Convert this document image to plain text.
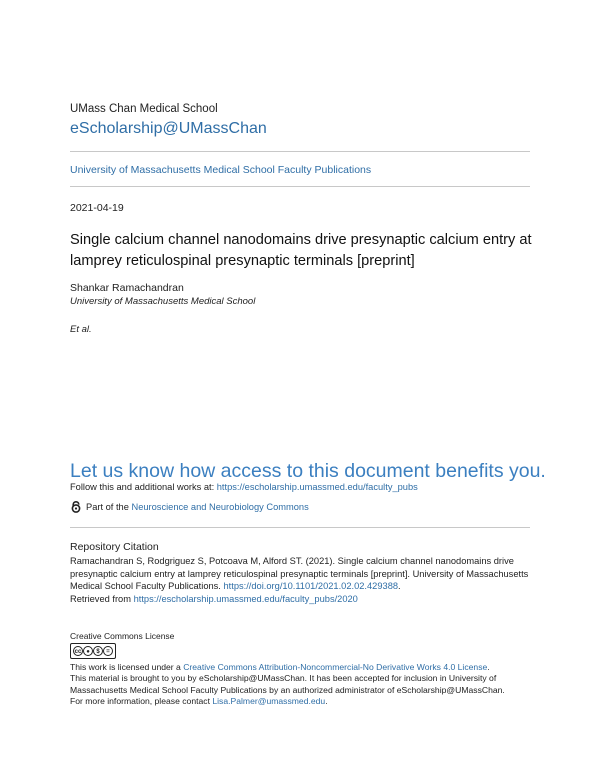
UMass Chan Medical School
eScholarship@UMassChan
University of Massachusetts Medical School Faculty Publications
2021-04-19
Single calcium channel nanodomains drive presynaptic calcium entry at lamprey reticulospinal presynaptic terminals [preprint]
Shankar Ramachandran
University of Massachusetts Medical School
Et al.
Let us know how access to this document benefits you.
Follow this and additional works at: https://escholarship.umassmed.edu/faculty_pubs
Part of the Neuroscience and Neurobiology Commons
Repository Citation
Ramachandran S, Rodgriguez S, Potcoava M, Alford ST. (2021). Single calcium channel nanodomains drive presynaptic calcium entry at lamprey reticulospinal presynaptic terminals [preprint]. University of Massachusetts Medical School Faculty Publications. https://doi.org/10.1101/2021.02.02.429388.
Retrieved from https://escholarship.umassmed.edu/faculty_pubs/2020
Creative Commons License
cc ●	$	=
This work is licensed under a Creative Commons Attribution-Noncommercial-No Derivative Works 4.0 License.
This material is brought to you by eScholarship@UMassChan. It has been accepted for inclusion in University of Massachusetts Medical School Faculty Publications by an authorized administrator of eScholarship@UMassChan.
For more information, please contact Lisa.Palmer@umassmed.edu.
